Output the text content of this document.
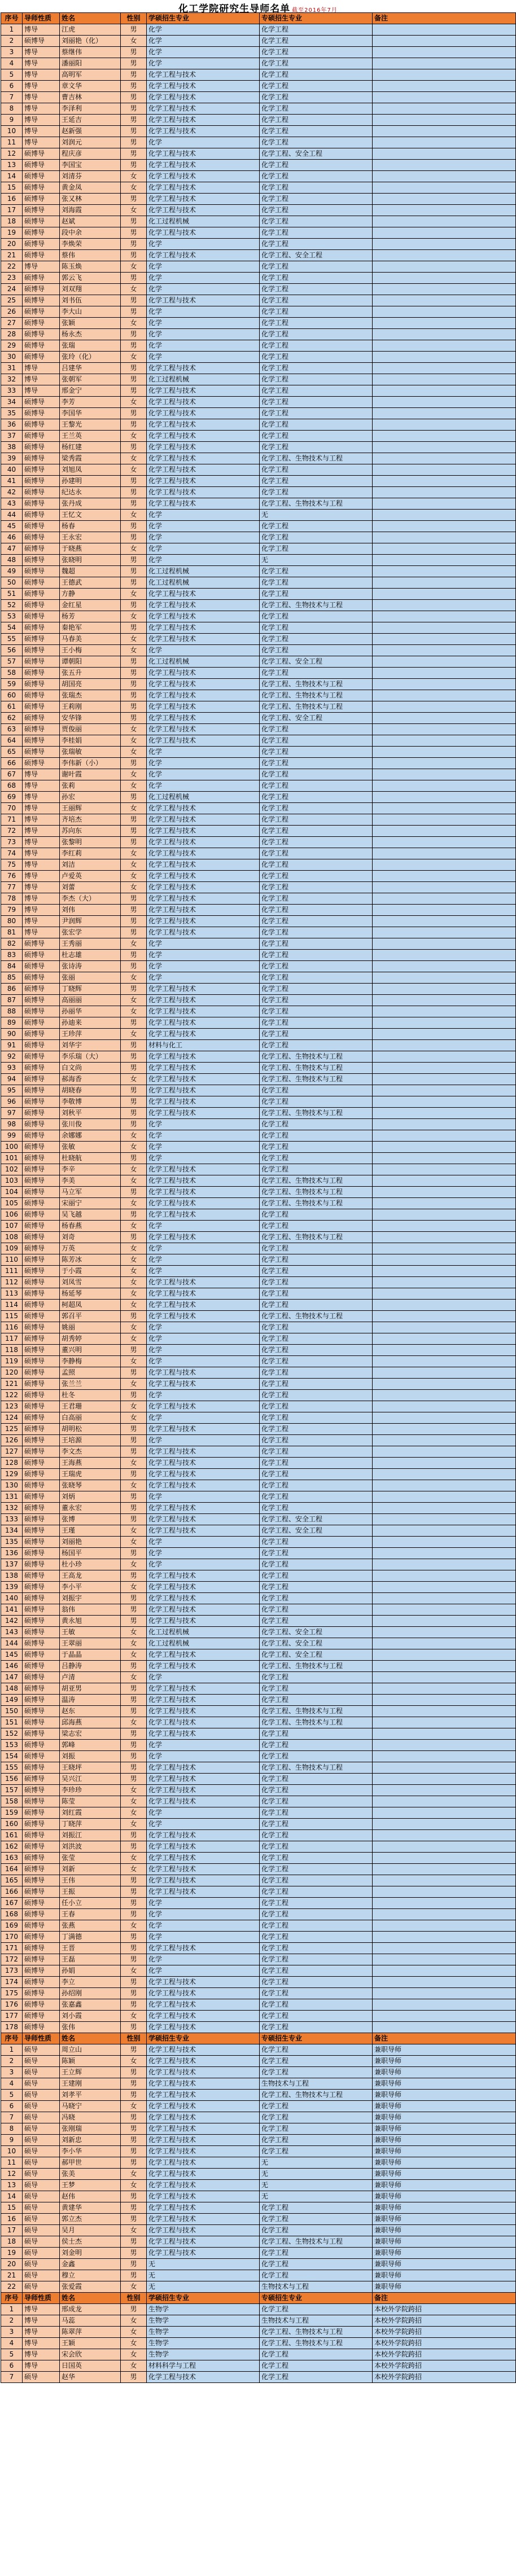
化工学院研究生导师名单 截至2016年7月
序号	导师性质	姓名	性别	学硕招生专业	专硕招生专业	备注
1	博导	江虎	男	化学	化学工程	
2	硕博导	刘丽艳（化）	女	化学	化学工程	
3	博导	蔡继伟	男	化学	化学工程	
4	博导	潘丽阳	男	化学	化学工程	
5	博导	高明军	男	化学工程与技术	化学工程	
6	博导	章文华	男	化学工程与技术	化学工程	
7	博导	曹吉林	男	化学工程与技术	化学工程	
8	博导	李泽利	男	化学工程与技术	化学工程	
9	博导	王延吉	男	化学工程与技术	化学工程	
10	博导	赵新强	男	化学工程与技术	化学工程	
11	博导	刘润元	男	化学	化学工程	
12	硕博导	程庆彦	男	化学工程与技术	化学工程、安全工程	
13	硕博导	李国宝	男	化学工程与技术	化学工程	
14	硕博导	刘清芬	女	化学工程与技术	化学工程	
15	硕博导	黄金凤	女	化学工程与技术	化学工程	
16	硕博导	张又林	男	化学工程与技术	化学工程	
17	硕博导	刘海霞	女	化学工程与技术	化学工程	
18	硕博导	赵斌	男	化工过程机械	化学工程	
19	硕博导	段中余	男	化学工程与技术	化学工程	
20	硕博导	李焕荣	男	化学	化学工程	
21	硕博导	蔡伟	男	化学工程与技术	化学工程、安全工程	
22	博导	陈玉焕	女	化学	化学工程	
23	硕博导	郭云飞	男	化学	化学工程	
24	硕博导	刘双翔	女	化学	化学工程	
25	硕博导	刘书伍	男	化学工程与技术	化学工程	
26	硕博导	李大山	男	化学	化学工程	
27	硕博导	张颖	女	化学	化学工程	
28	硕博导	杨永杰	男	化学	化学工程	
29	硕博导	张瑞	男	化学	化学工程	
30	硕博导	张玲（化）	女	化学	化学工程	
31	博导	吕建华	男	化学工程与技术	化学工程	
32	博导	张朝军	男	化工过程机械	化学工程	
33	博导	邢金宁	男	化学工程与技术	化学工程	
34	硕博导	李芳	女	化学工程与技术	化学工程	
35	硕博导	李国华	男	化学工程与技术	化学工程	
36	硕博导	王黎光	男	化学工程与技术	化学工程	
37	硕博导	王兰英	女	化学工程与技术	化学工程	
38	硕博导	杨红建	男	化学工程与技术	化学工程	
39	硕博导	梁秀霞	女	化学工程与技术	化学工程、生物技术与工程	
40	硕博导	刘旭凤	女	化学工程与技术	化学工程	
41	硕博导	孙建明	男	化学工程与技术	化学工程	
42	硕博导	纪达永	男	化学工程与技术	化学工程	
43	硕博导	张丹成	男	化学工程与技术	化学工程、生物技术与工程	
44	硕博导	王忆文	女	化学	无	
45	硕博导	杨春	男	化学	化学工程	
46	硕博导	王永宏	男	化学	化学工程	
47	硕博导	于晓燕	女	化学	化学工程	
48	硕博导	张晓明	男	化学	无	
49	硕博导	魏超	男	化工过程机械	化学工程	
50	硕博导	王德武	男	化工过程机械	化学工程	
51	硕博导	方静	女	化学工程与技术	化学工程	
52	硕博导	金红星	男	化学工程与技术	化学工程、生物技术与工程	
53	硕博导	杨芳	女	化学工程与技术	化学工程	
54	硕博导	秦艳军	男	化学工程与技术	化学工程	
55	硕博导	马春美	女	化学工程与技术	化学工程	
56	硕博导	王小梅	女	化学	化学工程	
57	硕博导	谭朝阳	男	化工过程机械	化学工程、安全工程	
58	硕博导	张五升	男	化学工程与技术	化学工程	
59	硕博导	胡国亮	男	化学工程与技术	化学工程、生物技术与工程	
60	硕博导	张瑞杰	男	化学工程与技术	化学工程、生物技术与工程	
61	硕博导	王莉刚	男	化学工程与技术	化学工程、生物技术与工程	
62	硕博导	安华锋	男	化学工程与技术	化学工程、安全工程	
63	硕博导	贾俊丽	女	化学工程与技术	化学工程	
64	硕博导	李桂娟	女	化学工程与技术	化学工程	
65	硕博导	张瑞敏	女	化学	化学工程	
66	硕博导	李伟新（小）	男	化学	化学工程	
67	博导	谢叶霞	女	化学	化学工程	
68	博导	张莉	女	化学	化学工程	
69	博导	孙宏	男	化工过程机械	化学工程	
70	博导	王丽辉	女	化学工程与技术	化学工程	
71	博导	齐培杰	男	化学工程与技术	化学工程	
72	博导	苏向东	男	化学工程与技术	化学工程	
73	博导	张黎明	男	化学工程与技术	化学工程	
74	博导	李红莉	女	化学工程与技术	化学工程	
75	博导	刘洁	女	化学工程与技术	化学工程	
76	博导	卢爱英	女	化学工程与技术	化学工程	
77	博导	刘蕾	女	化学工程与技术	化学工程	
78	博导	李杰（大）	男	化学工程与技术	化学工程	
79	博导	刘伟	男	化学工程与技术	化学工程	
80	博导	尹润辉	男	化学工程与技术	化学工程	
81	博导	张宏学	男	化学工程与技术	化学工程	
82	硕博导	王秀丽	女	化学	化学工程	
83	硕博导	杜志雄	男	化学	化学工程	
84	硕博导	张诗涛	男	化学	化学工程	
85	硕博导	张丽	女	化学	化学工程	
86	硕博导	丁晓辉	男	化学工程与技术	化学工程	
87	硕博导	高丽丽	女	化学工程与技术	化学工程	
88	硕博导	孙丽华	女	化学工程与技术	化学工程	
89	硕博导	孙迪来	男	化学工程与技术	化学工程	
90	硕博导	王珍萍	女	化学工程与技术	化学工程	
91	硕博导	刘华宇	男	材料与化工	化学工程	
92	硕博导	李乐瑞（大）	男	化学工程与技术	化学工程、生物技术与工程	
93	硕博导	白文尚	男	化学工程与技术	化学工程、生物技术与工程	
94	硕博导	郝海香	女	化学工程与技术	化学工程、生物技术与工程	
95	硕博导	胡晓春	男	化学工程与技术	化学工程	
96	硕博导	李敬博	男	化学工程与技术	化学工程	
97	硕博导	刘秋平	男	化学工程与技术	化学工程、生物技术与工程	
98	硕博导	张川俊	男	化学	化学工程	
99	硕博导	余娜娜	女	化学	化学工程	
100	硕博导	张敏	女	化学	化学工程	
101	硕博导	杜晓航	男	化学	化学工程	
102	硕博导	李辛	女	化学工程与技术	化学工程	
103	硕博导	李美	女	化学工程与技术	化学工程、生物技术与工程	
104	硕博导	马立军	男	化学工程与技术	化学工程、生物技术与工程	
105	硕博导	宋丽宁	女	化学工程与技术	化学工程、生物技术与工程	
106	硕博导	吴飞越	男	化学工程与技术	化学工程	
107	硕博导	杨春燕	女	化学	化学工程	
108	硕博导	刘奇	男	化学工程与技术	化学工程、生物技术与工程	
109	硕博导	万英	女	化学	化学工程	
110	硕博导	陈芳冰	女	化学	化学工程	
111	硕博导	于小霞	女	化学	化学工程	
112	硕博导	刘凤雪	女	化学工程与技术	化学工程	
113	硕博导	杨延琴	女	化学工程与技术	化学工程	
114	硕博导	柯超凤	女	化学工程与技术	化学工程	
115	硕博导	郭召平	男	化学工程与技术	化学工程、生物技术与工程	
116	硕博导	姚丽	女	化学	化学工程	
117	硕博导	胡秀婷	女	化学	化学工程	
118	硕博导	董兴明	男	化学	化学工程	
119	硕博导	李静梅	女	化学	化学工程	
120	硕博导	孟照	男	化学工程与技术	化学工程	
121	硕博导	张兰兰	女	化学工程与技术	化学工程	
122	硕博导	杜冬	男	化学	化学工程	
123	硕博导	王君珊	女	化学工程与技术	化学工程	
124	硕博导	白高丽	女	化学	化学工程	
125	硕博导	胡明松	男	化学工程与技术	化学工程	
126	硕博导	王培源	男	化学	化学工程	
127	硕博导	李文杰	男	化学工程与技术	化学工程	
128	硕博导	王海燕	女	化学工程与技术	化学工程	
129	硕博导	王瑞虎	男	化学工程与技术	化学工程	
130	硕博导	张晓琴	女	化学工程与技术	化学工程	
131	硕博导	刘炳	男	化学	化学工程	
132	硕博导	董永宏	男	化学工程与技术	化学工程	
133	硕博导	张博	男	化学工程与技术	化学工程、安全工程	
134	硕博导	王瑾	女	化学工程与技术	化学工程、安全工程	
135	硕博导	刘丽艳	女	化学	化学工程	
136	硕博导	杨国平	男	化学	化学工程	
137	硕博导	杜小珍	女	化学	化学工程	
138	硕博导	王高龙	男	化学工程与技术	化学工程	
139	硕博导	李小平	女	化学工程与技术	化学工程	
140	硕博导	刘振宇	男	化学工程与技术	化学工程	
141	硕博导	翁伟	男	化学工程与技术	化学工程	
142	硕博导	黄永旭	男	化学工程与技术	化学工程	
143	硕博导	王敏	女	化工过程机械	化学工程、安全工程	
144	硕博导	王翠丽	女	化工过程机械	化学工程、安全工程	
145	硕博导	于晶晶	女	化学工程与技术	化学工程、安全工程	
146	硕博导	吕静涛	男	化学工程与技术	化学工程、生物技术与工程	
147	硕博导	卢清	女	化学	化学工程	
148	硕博导	胡亚男	男	化学工程与技术	化学工程	
149	硕博导	温涛	男	化学工程与技术	化学工程	
150	硕博导	赵东	男	化学工程与技术	化学工程、生物技术与工程	
151	硕博导	邱海燕	女	化学工程与技术	化学工程、生物技术与工程	
152	硕博导	梁志宏	男	化学工程与技术	化学工程	
153	硕博导	郭峰	男	化学	化学工程	
154	硕博导	刘振	男	化学	化学工程	
155	硕博导	王晓坪	男	化学工程与技术	化学工程、生物技术与工程	
156	硕博导	吴兴江	男	化学工程与技术	化学工程	
157	硕博导	李珍珍	女	化学工程与技术	化学工程	
158	硕博导	陈莹	女	化学工程与技术	化学工程	
159	硕博导	刘红霞	女	化学	化学工程	
160	硕博导	丁晓萍	女	化学	化学工程	
161	硕博导	刘振江	男	化学工程与技术	化学工程	
162	硕博导	刘洪波	男	化学工程与技术	化学工程	
163	硕博导	张莹	女	化学工程与技术	化学工程	
164	硕博导	刘新	女	化学工程与技术	化学工程	
165	硕博导	王伟	男	化学工程与技术	化学工程	
166	硕博导	王振	男	化学工程与技术	化学工程	
167	硕博导	任小立	男	化学	化学工程	
168	硕博导	王春	男	化学	化学工程	
169	硕博导	张燕	女	化学	化学工程	
170	硕博导	丁满德	男	化学	化学工程	
171	硕博导	王晋	男	化学工程与技术	化学工程	
172	硕博导	王磊	男	化学	化学工程	
173	硕博导	孙娟	女	化学	化学工程	
174	硕博导	李立	男	化学工程与技术	化学工程	
175	硕博导	孙绍刚	男	化学工程与技术	化学工程	
176	硕博导	张嘉鑫	男	化学工程与技术	化学工程	
177	硕博导	刘小霞	女	化学工程与技术	化学工程	
178	硕博导	张伟	男	化学工程与技术	化学工程	
序号	导师性质	姓名	性别	学硕招生专业	专硕招生专业	备注
1	硕导	周立山	男	化学工程与技术	化学工程	兼职导师
2	硕导	陈颖	女	化学工程与技术	化学工程	兼职导师
3	硕导	王立辉	男	化学工程与技术	化学工程	兼职导师
4	硕导	王建刚	男	化学工程与技术	生物技术与工程	兼职导师
5	硕导	刘孝平	男	化学工程与技术	化学工程、生物技术与工程	兼职导师
6	硕导	马晓宁	女	化学工程与技术	化学工程	兼职导师
7	硕导	冯晓	男	化学工程与技术	化学工程	兼职导师
8	硕导	张刚瑞	男	化学工程与技术	化学工程	兼职导师
9	硕导	刘新忠	男	化学工程与技术	化学工程	兼职导师
10	硕导	李小华	男	化学工程与技术	化学工程	兼职导师
11	硕导	郝甲世	男	化学工程与技术	无	兼职导师
12	硕导	张美	女	化学工程与技术	无	兼职导师
13	硕导	王梦	女	化学工程与技术	无	兼职导师
14	硕导	赵伟	男	化学工程与技术	无	兼职导师
15	硕导	黄建华	男	化学工程与技术	化学工程	兼职导师
16	硕导	郭立杰	男	化学工程与技术	化学工程	兼职导师
17	硕导	吴月	女	化学工程与技术	化学工程	兼职导师
18	硕导	侯士杰	男	化学工程与技术	化学工程、生物技术与工程	兼职导师
19	硕导	刘金明	男	化学工程与技术	化学工程	兼职导师
20	硕导	金鑫	男	无	化学工程	兼职导师
21	硕导	穆立	男	无	化学工程	兼职导师
22	硕导	张爱霞	女	无	生物技术与工程	兼职导师
序号	导师性质	姓名	性别	学硕招生专业	专硕招生专业	备注
1	博导	邢成龙	男	生物学	化学工程	本校外学院跨招
2	博导	马蕊	女	生物学	生物技术与工程	本校外学院跨招
3	博导	陈翠萍	女	生物学	化学工程、生物技术与工程	本校外学院跨招
4	博导	王颖	女	生物学	化学工程、生物技术与工程	本校外学院跨招
5	博导	宋会欣	女	生物学	化学工程	本校外学院跨招
6	博导	日国英	女	材料科学与工程	化学工程	本校外学院跨招
7	硕导	赵华	男	化学工程与技术	化学工程	本校外学院跨招
